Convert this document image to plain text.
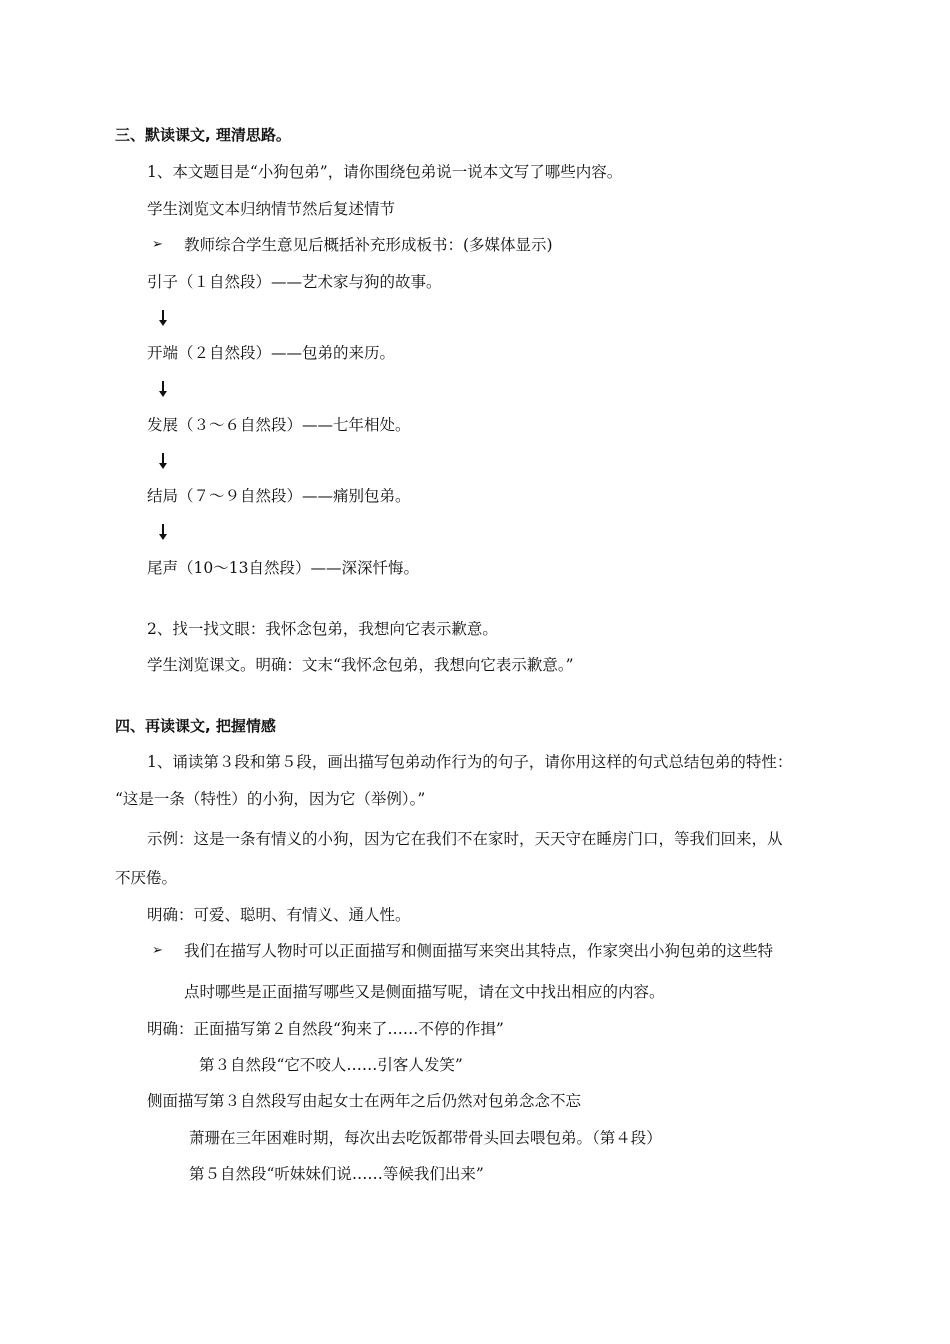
三、默读课文, 理清思路。
1、本文题目是“小狗包弟”，请你围绕包弟说一说本文写了哪些内容。
学生浏览文本归纳情节然后复述情节
➢ 教师综合学生意见后概括补充形成板书：(多媒体显示)
引子（１自然段）——艺术家与狗的故事。
开端（２自然段）——包弟的来历。
发展（３～６自然段）——七年相处。
结局（７～９自然段）——痛别包弟。
尾声（10～13自然段）——深深忏悔。
2、找一找文眼：我怀念包弟，我想向它表示歉意。
学生浏览课文。明确：文末“我怀念包弟，我想向它表示歉意。”
四、再读课文, 把握情感
1、诵读第３段和第５段，画出描写包弟动作行为的句子，请你用这样的句式总结包弟的特性：
“这是一条（特性）的小狗，因为它（举例）。”
示例：这是一条有情义的小狗，因为它在我们不在家时，天天守在睡房门口，等我们回来，从
不厌倦。
明确：可爱、聪明、有情义、通人性。
➢ 我们在描写人物时可以正面描写和侧面描写来突出其特点，作家突出小狗包弟的这些特
点时哪些是正面描写哪些又是侧面描写呢，请在文中找出相应的内容。
明确：正面描写第２自然段“狗来了……不停的作揖”
第３自然段“它不咬人……引客人发笑”
侧面描写第３自然段写由起女士在两年之后仍然对包弟念念不忘
萧珊在三年困难时期，每次出去吃饭都带骨头回去喂包弟。（第４段）
第５自然段“听妹妹们说……等候我们出来”
